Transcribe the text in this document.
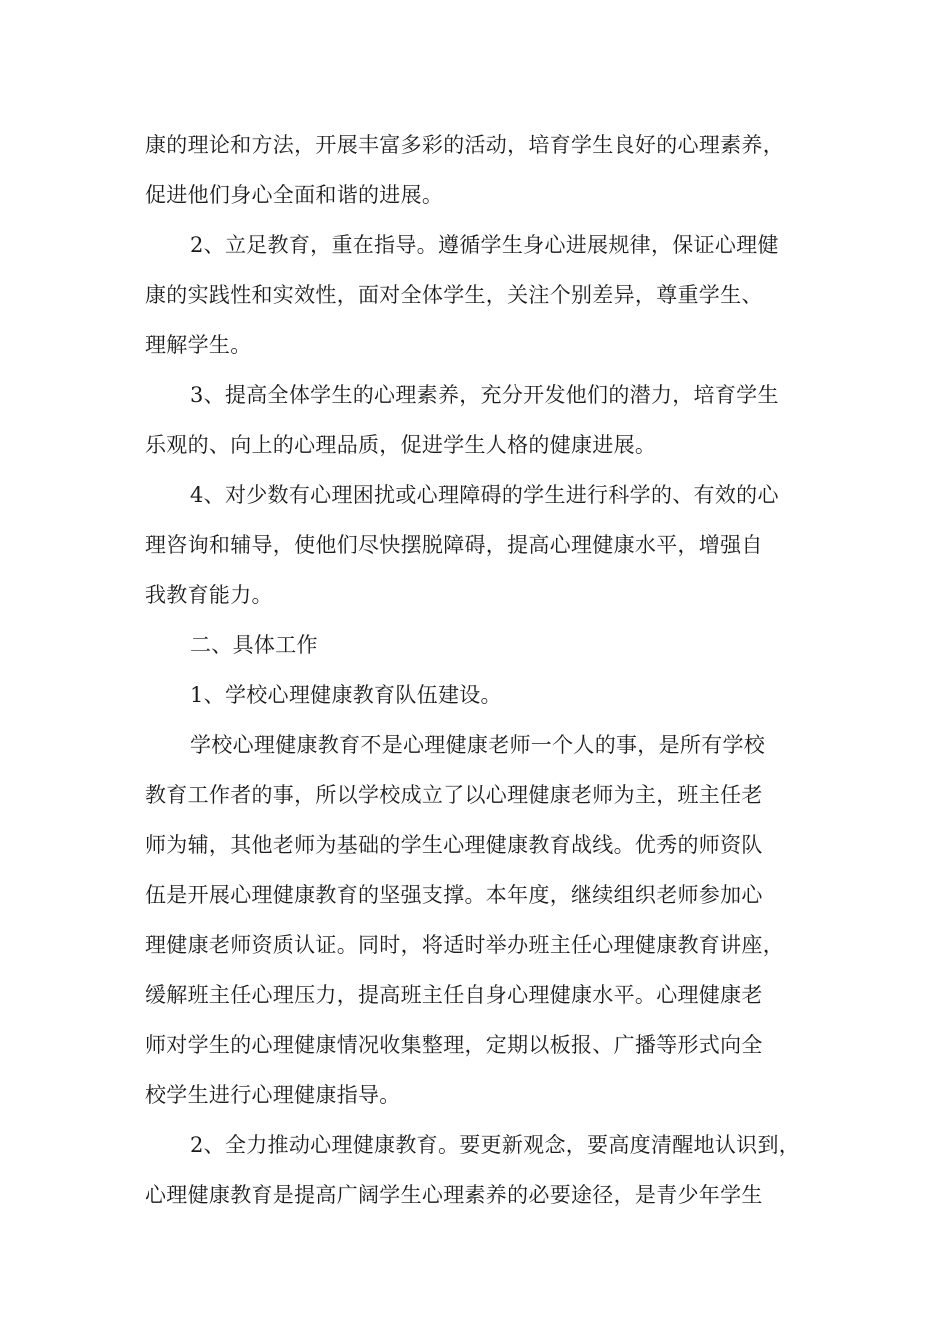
康的理论和方法，开展丰富多彩的活动，培育学生良好的心理素养，
促进他们身心全面和谐的进展。
2、立足教育，重在指导。遵循学生身心进展规律，保证心理健
康的实践性和实效性，面对全体学生，关注个别差异，尊重学生、
理解学生。
3、提高全体学生的心理素养，充分开发他们的潜力，培育学生
乐观的、向上的心理品质，促进学生人格的健康进展。
4、对少数有心理困扰或心理障碍的学生进行科学的、有效的心
理咨询和辅导，使他们尽快摆脱障碍，提高心理健康水平，增强自
我教育能力。
二、具体工作
1、学校心理健康教育队伍建设。
学校心理健康教育不是心理健康老师一个人的事，是所有学校
教育工作者的事，所以学校成立了以心理健康老师为主，班主任老
师为辅，其他老师为基础的学生心理健康教育战线。优秀的师资队
伍是开展心理健康教育的坚强支撑。本年度，继续组织老师参加心
理健康老师资质认证。同时，将适时举办班主任心理健康教育讲座，
缓解班主任心理压力，提高班主任自身心理健康水平。心理健康老
师对学生的心理健康情况收集整理，定期以板报、广播等形式向全
校学生进行心理健康指导。
2、全力推动心理健康教育。要更新观念，要高度清醒地认识到，
心理健康教育是提高广阔学生心理素养的必要途径，是青少年学生
